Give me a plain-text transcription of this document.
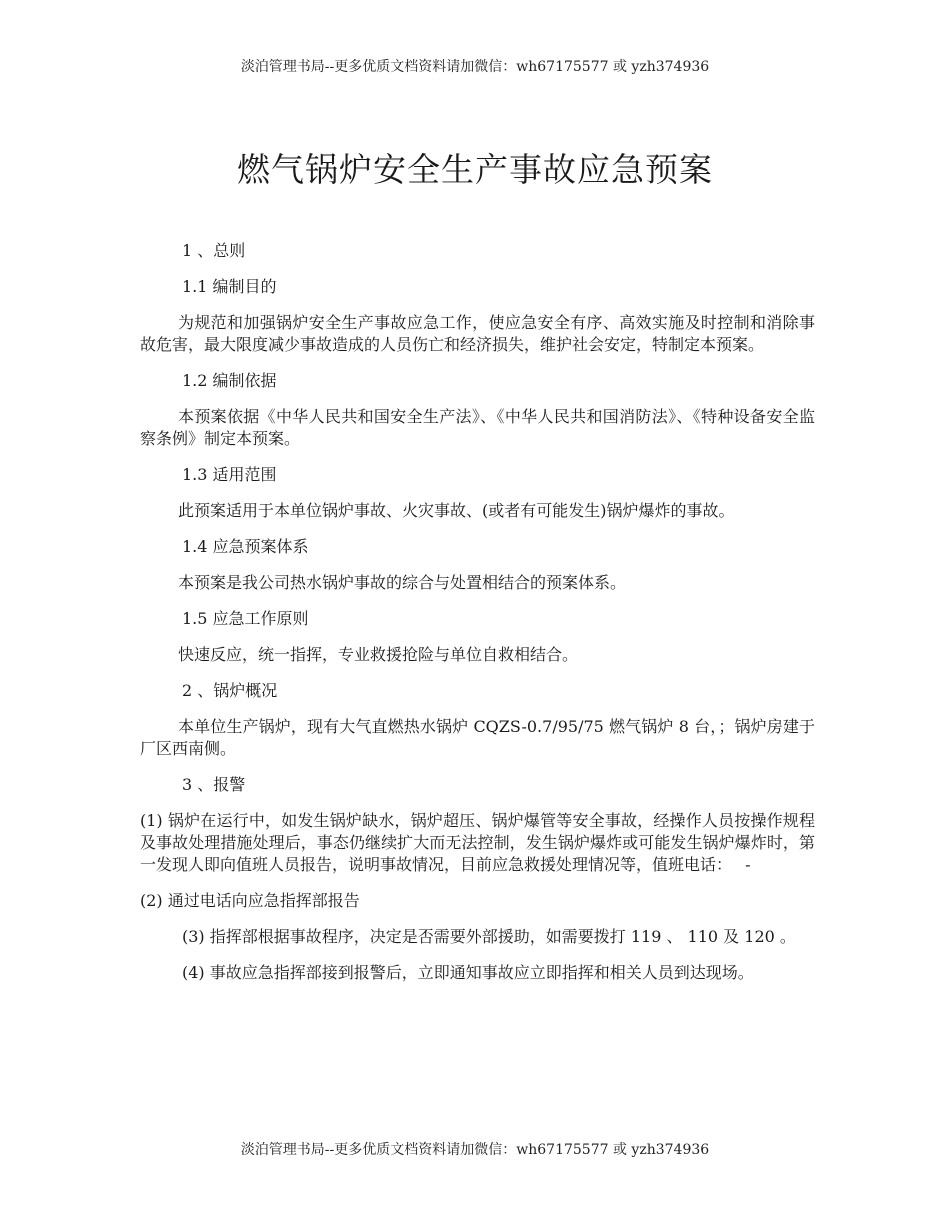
淡泊管理书局--更多优质文档资料请加微信：wh67175577 或 yzh374936
燃气锅炉安全生产事故应急预案

1 、总则

1.1 编制目的

为规范和加强锅炉安全生产事故应急工作，使应急安全有序、高效实施及时控制和消除事故危害，最大限度减少事故造成的人员伤亡和经济损失，维护社会安定，特制定本预案。

1.2 编制依据

本预案依据《中华人民共和国安全生产法》、《中华人民共和国消防法》、《特种设备安全监察条例》制定本预案。

1.3 适用范围

此预案适用于本单位锅炉事故、火灾事故、(或者有可能发生)锅炉爆炸的事故。

1.4 应急预案体系

本预案是我公司热水锅炉事故的综合与处置相结合的预案体系。

1.5 应急工作原则

快速反应，统一指挥，专业救援抢险与单位自救相结合。

2 、锅炉概况

本单位生产锅炉，现有大气直燃热水锅炉 CQZS-0.7/95/75 燃气锅炉 8 台，；锅炉房建于厂区西南侧。

3 、报警

(1) 锅炉在运行中，如发生锅炉缺水，锅炉超压、锅炉爆管等安全事故，经操作人员按操作规程及事故处理措施处理后，事态仍继续扩大而无法控制，发生锅炉爆炸或可能发生锅炉爆炸时，第一发现人即向值班人员报告，说明事故情况，目前应急救援处理情况等，值班电话：　 -

(2) 通过电话向应急指挥部报告

(3) 指挥部根据事故程序，决定是否需要外部援助，如需要拨打 119 、 110 及 120 。

(4) 事故应急指挥部接到报警后，立即通知事故应立即指挥和相关人员到达现场。

淡泊管理书局--更多优质文档资料请加微信：wh67175577 或 yzh374936
